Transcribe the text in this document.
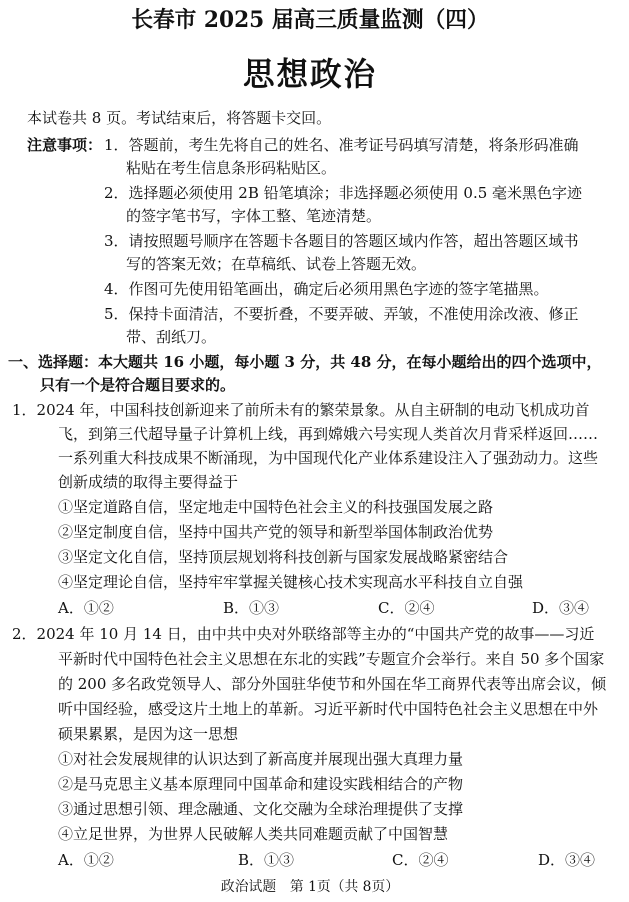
长春市 2025 届高三质量监测（四）
思想政治
本试卷共 8 页。考试结束后，将答题卡交回。
注意事项： 1．答题前，考生先将自己的姓名、准考证号码填写清楚，将条形码准确
粘贴在考生信息条形码粘贴区。
2．选择题必须使用 2B 铅笔填涂；非选择题必须使用 0.5 毫米黑色字迹
的签字笔书写，字体工整、笔迹清楚。
3．请按照题号顺序在答题卡各题目的答题区域内作答，超出答题区域书
写的答案无效；在草稿纸、试卷上答题无效。
4．作图可先使用铅笔画出，确定后必须用黑色字迹的签字笔描黑。
5．保持卡面清洁，不要折叠，不要弄破、弄皱，不准使用涂改液、修正
带、刮纸刀。
一、选择题：本大题共 16 小题，每小题 3 分，共 48 分，在每小题给出的四个选项中，
只有一个是符合题目要求的。
1．2024 年，中国科技创新迎来了前所未有的繁荣景象。从自主研制的电动飞机成功首
飞，到第三代超导量子计算机上线，再到嫦娥六号实现人类首次月背采样返回……
一系列重大科技成果不断涌现，为中国现代化产业体系建设注入了强劲动力。这些
创新成绩的取得主要得益于
①坚定道路自信，坚定地走中国特色社会主义的科技强国发展之路
②坚定制度自信，坚持中国共产党的领导和新型举国体制政治优势
③坚定文化自信，坚持顶层规划将科技创新与国家发展战略紧密结合
④坚定理论自信，坚持牢牢掌握关键核心技术实现高水平科技自立自强
A．①②	B．①③	C．②④	D．③④
2．2024 年 10 月 14 日，由中共中央对外联络部等主办的“中国共产党的故事——习近
平新时代中国特色社会主义思想在东北的实践”专题宣介会举行。来自 50 多个国家
的 200 多名政党领导人、部分外国驻华使节和外国在华工商界代表等出席会议，倾
听中国经验，感受这片土地上的革新。习近平新时代中国特色社会主义思想在中外
硕果累累，是因为这一思想
①对社会发展规律的认识达到了新高度并展现出强大真理力量
②是马克思主义基本原理同中国革命和建设实践相结合的产物
③通过思想引领、理念融通、文化交融为全球治理提供了支撑
④立足世界，为世界人民破解人类共同难题贡献了中国智慧
A．①②	B．①③	C．②④	D．③④
政治试题　第 1页（共 8页）
